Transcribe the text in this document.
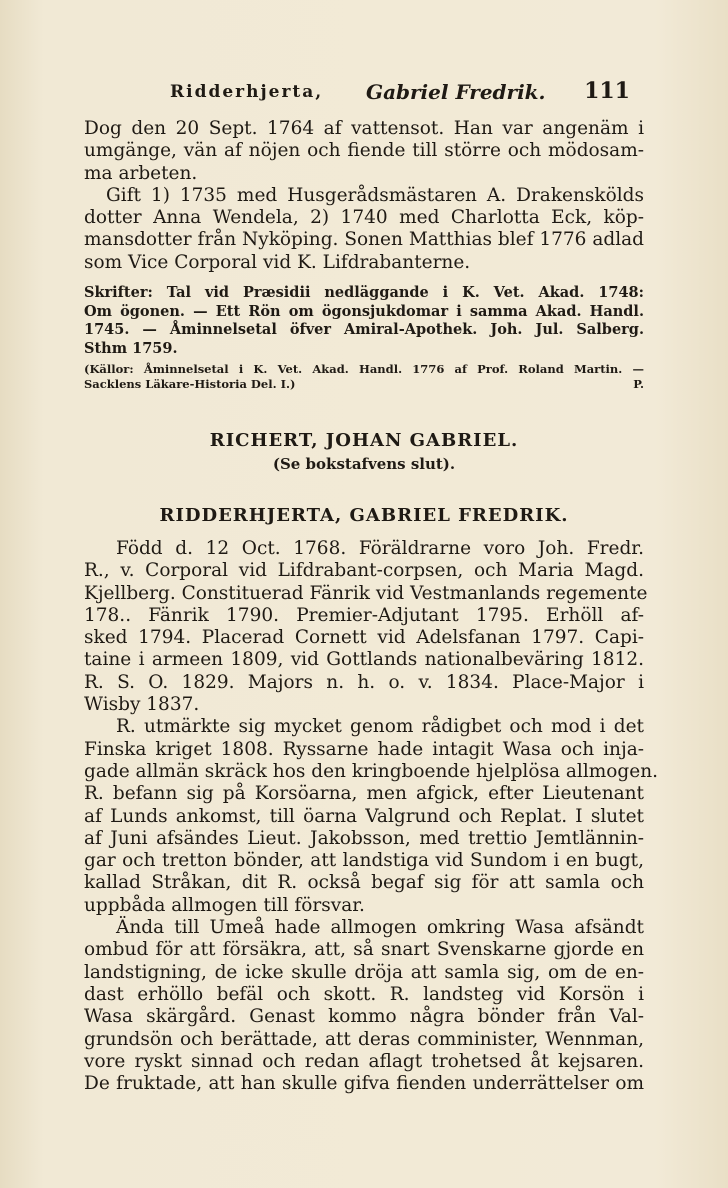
Ridderhjerta, Gabriel Fredrik. 111
Dog den 20 Sept. 1764 af vattensot. Han var angenäm i
umgänge, vän af nöjen och fiende till större och mödosam-
ma arbeten.
Gift 1) 1735 med Husgerådsmästaren A. Drakenskölds
dotter Anna Wendela, 2) 1740 med Charlotta Eck, köp-
mansdotter från Nyköping. Sonen Matthias blef 1776 adlad
som Vice Corporal vid K. Lifdrabanterne.
Skrifter: Tal vid Præsidii nedläggande i K. Vet. Akad. 1748:
Om ögonen. — Ett Rön om ögonsjukdomar i samma Akad. Handl.
1745. — Åminnelsetal öfver Amiral-Apothek. Joh. Jul. Salberg.
Sthm 1759.
(Källor: Åminnelsetal i K. Vet. Akad. Handl. 1776 af Prof. Roland Martin. —
Sacklens Läkare-Historia Del. I.)	P.
RICHERT, JOHAN GABRIEL.
(Se bokstafvens slut).
RIDDERHJERTA, GABRIEL FREDRIK.
Född d. 12 Oct. 1768. Föräldrarne voro Joh. Fredr.
R., v. Corporal vid Lifdrabant-corpsen, och Maria Magd.
Kjellberg. Constituerad Fänrik vid Vestmanlands regemente
178.. Fänrik 1790. Premier-Adjutant 1795. Erhöll af-
sked 1794. Placerad Cornett vid Adelsfanan 1797. Capi-
taine i armeen 1809, vid Gottlands nationalbeväring 1812.
R. S. O. 1829. Majors n. h. o. v. 1834. Place-Major i
Wisby 1837.
R. utmärkte sig mycket genom rådigbet och mod i det
Finska kriget 1808. Ryssarne hade intagit Wasa och inja-
gade allmän skräck hos den kringboende hjelplösa allmogen.
R. befann sig på Korsöarna, men afgick, efter Lieutenant
af Lunds ankomst, till öarna Valgrund och Replat. I slutet
af Juni afsändes Lieut. Jakobsson, med trettio Jemtlännin-
gar och tretton bönder, att landstiga vid Sundom i en bugt,
kallad Stråkan, dit R. också begaf sig för att samla och
uppbåda allmogen till försvar.
Ända till Umeå hade allmogen omkring Wasa afsändt
ombud för att försäkra, att, så snart Svenskarne gjorde en
landstigning, de icke skulle dröja att samla sig, om de en-
dast erhöllo befäl och skott. R. landsteg vid Korsön i
Wasa skärgård. Genast kommo några bönder från Val-
grundsön och berättade, att deras comminister, Wennman,
vore ryskt sinnad och redan aflagt trohetsed åt kejsaren.
De fruktade, att han skulle gifva fienden underrättelser om
